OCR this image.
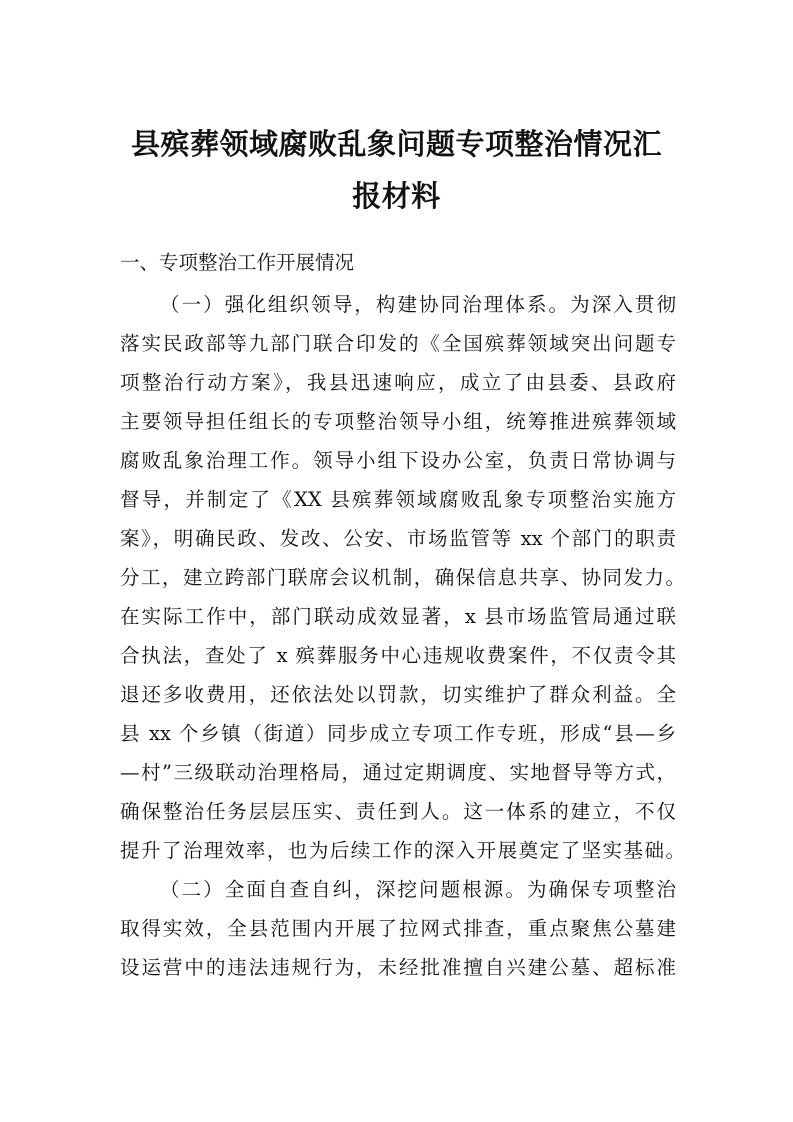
县殡葬领域腐败乱象问题专项整治情况汇
报材料
一、专项整治工作开展情况
（一）强化组织领导，构建协同治理体系。为深入贯彻
落实民政部等九部门联合印发的《全国殡葬领域突出问题专
项整治行动方案》，我县迅速响应，成立了由县委、县政府
主要领导担任组长的专项整治领导小组，统筹推进殡葬领域
腐败乱象治理工作。领导小组下设办公室，负责日常协调与
督导，并制定了《XX 县殡葬领域腐败乱象专项整治实施方
案》，明确民政、发改、公安、市场监管等 xx 个部门的职责
分工，建立跨部门联席会议机制，确保信息共享、协同发力。
在实际工作中，部门联动成效显著，x 县市场监管局通过联
合执法，查处了 x 殡葬服务中心违规收费案件，不仅责令其
退还多收费用，还依法处以罚款，切实维护了群众利益。全
县 xx 个乡镇（街道）同步成立专项工作专班，形成“县—乡
—村”三级联动治理格局，通过定期调度、实地督导等方式，
确保整治任务层层压实、责任到人。这一体系的建立，不仅
提升了治理效率，也为后续工作的深入开展奠定了坚实基础。
（二）全面自查自纠，深挖问题根源。为确保专项整治
取得实效，全县范围内开展了拉网式排查，重点聚焦公墓建
设运营中的违法违规行为，未经批准擅自兴建公墓、超标准
